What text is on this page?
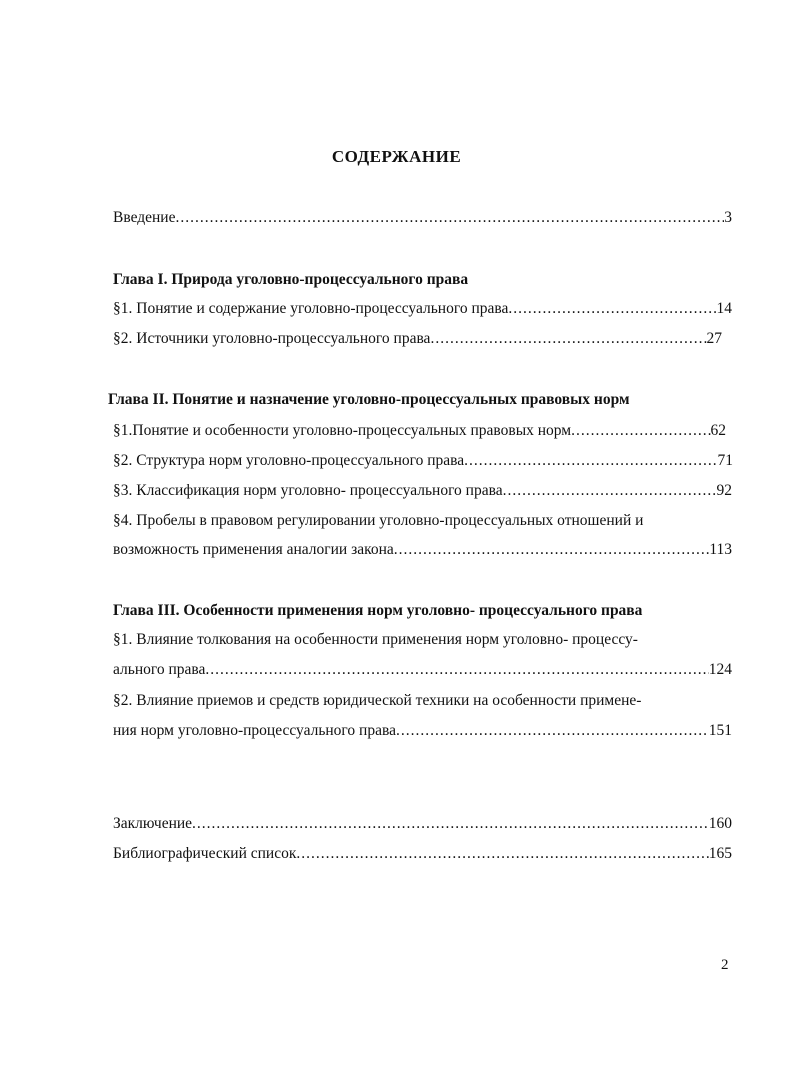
СОДЕРЖАНИЕ
Введение .....	3
Глава I. Природа уголовно-процессуального права
§1. Понятие и содержание уголовно-процессуального права .....	14
§2. Источники уголовно-процессуального права .....	27
Глава II. Понятие и назначение уголовно-процессуальных правовых норм
§1.Понятие и особенности уголовно-процессуальных правовых норм .....	62
§2. Структура норм уголовно-процессуального права .....	71
§3. Классификация норм уголовно- процессуального права .....	92
§4. Пробелы в правовом регулировании уголовно-процессуальных отношений и
возможность применения аналогии закона .....	113
Глава III. Особенности применения норм уголовно- процессуального права
§1. Влияние толкования на особенности применения норм уголовно- процессу-
ального права .....	124
§2. Влияние приемов и средств юридической техники на особенности примене-
ния норм уголовно-процессуального права .....	151
Заключение .....	160
Библиографический список .....	165
2
